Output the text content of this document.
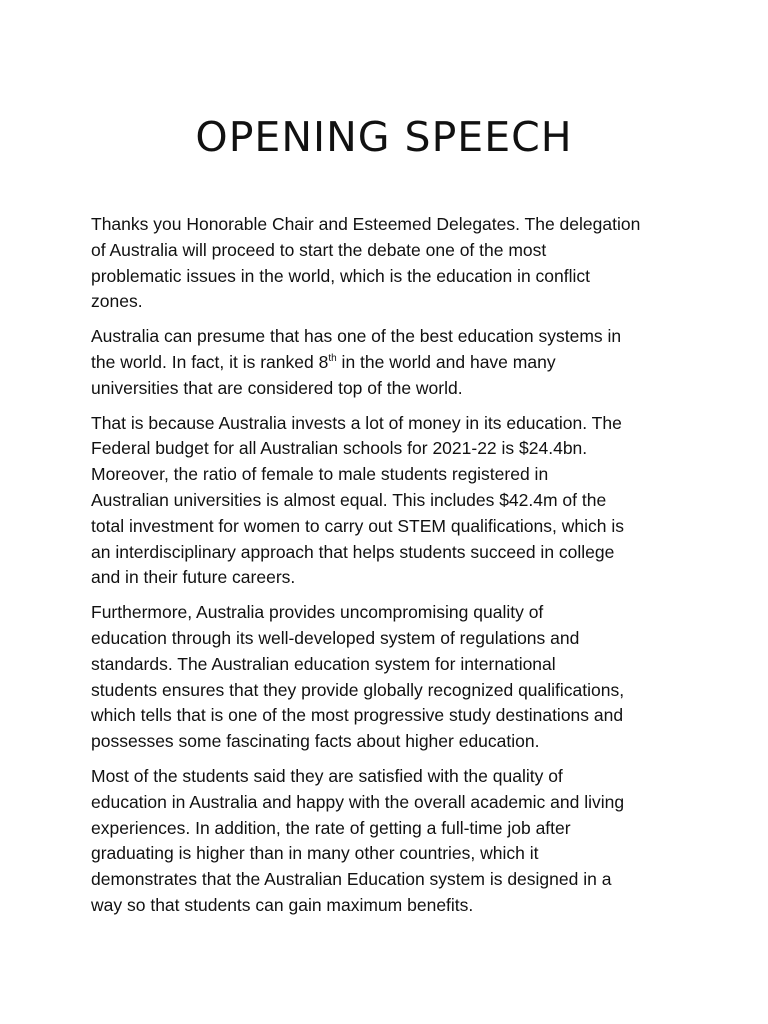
OPENING SPEECH

Thanks you Honorable Chair and Esteemed Delegates. The delegation
of Australia will proceed to start the debate one of the most
problematic issues in the world, which is the education in conflict
zones.

Australia can presume that has one of the best education systems in
the world. In fact, it is ranked 8th in the world and have many
universities that are considered top of the world.

That is because Australia invests a lot of money in its education. The
Federal budget for all Australian schools for 2021-22 is $24.4bn.
Moreover, the ratio of female to male students registered in
Australian universities is almost equal. This includes $42.4m of the
total investment for women to carry out STEM qualifications, which is
an interdisciplinary approach that helps students succeed in college
and in their future careers.

Furthermore, Australia provides uncompromising quality of
education through its well-developed system of regulations and
standards. The Australian education system for international
students ensures that they provide globally recognized qualifications,
which tells that is one of the most progressive study destinations and
possesses some fascinating facts about higher education.

Most of the students said they are satisfied with the quality of
education in Australia and happy with the overall academic and living
experiences. In addition, the rate of getting a full-time job after
graduating is higher than in many other countries, which it
demonstrates that the Australian Education system is designed in a
way so that students can gain maximum benefits.
